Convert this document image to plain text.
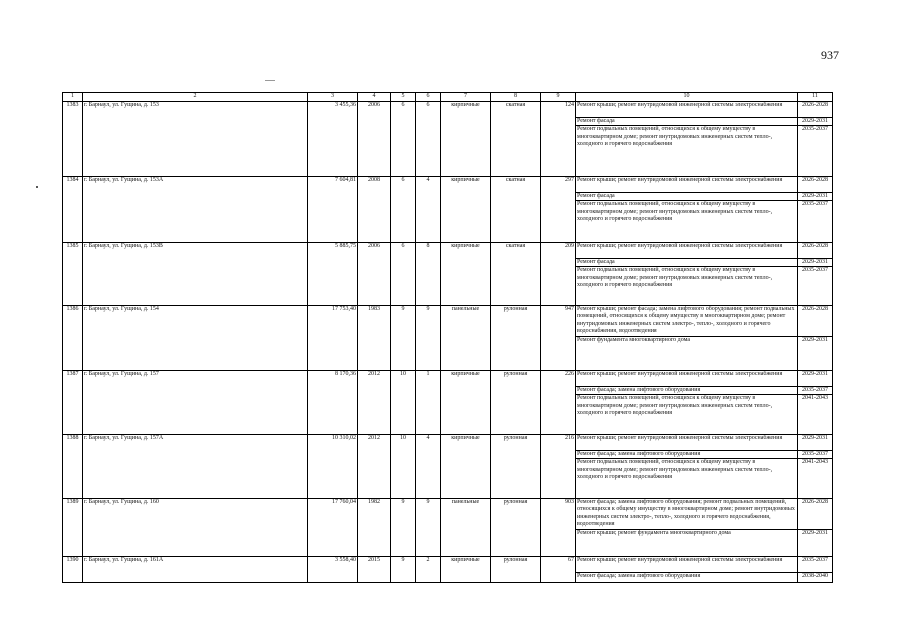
937
1	2	3	4	5	6	7	8	9	10	11
1383	г. Барнаул, ул. Гущина, д. 153	3 455,36	2006	6	6	кирпичные	скатная	124	Ремонт крыши; ремонт внутридомовой инженерной системы электроснабжения	2026-2028
									Ремонт фасада	2029-2031
									Ремонт подвальных помещений, относящихся к общему имуществу в многоквартирном доме; ремонт внутридомовых инженерных систем тепло-, холодного и горячего водоснабжения	2035-2037
1384	г. Барнаул, ул. Гущина, д. 153А	7 604,81	2008	6	4	кирпичные	скатная	297	Ремонт крыши; ремонт внутридомовой инженерной системы электроснабжения	2026-2028
									Ремонт фасада	2029-2031
									Ремонт подвальных помещений, относящихся к общему имуществу в многоквартирном доме; ремонт внутридомовых инженерных систем тепло-, холодного и горячего водоснабжения	2035-2037
1385	г. Барнаул, ул. Гущина, д. 153В	5 885,75	2006	6	8	кирпичные	скатная	209	Ремонт крыши; ремонт внутридомовой инженерной системы электроснабжения	2026-2028
									Ремонт фасада	2029-2031
									Ремонт подвальных помещений, относящихся к общему имуществу в многоквартирном доме; ремонт внутридомовых инженерных систем тепло-, холодного и горячего водоснабжения	2035-2037
1386	г. Барнаул, ул. Гущина, д. 154	17 753,40	1983	9	9	панельные	рулонная	947	Ремонт крыши; ремонт фасада; замена лифтового оборудования; ремонт подвальных помещений, относящихся к общему имуществу в многоквартирном доме; ремонт внутридомовых инженерных систем электро-, тепло-, холодного и горячего водоснабжения, водоотведения	2026-2028
									Ремонт фундамента многоквартирного дома	2029-2031
1387	г. Барнаул, ул. Гущина, д. 157	8 170,36	2012	10	1	кирпичные	рулонная	226	Ремонт крыши; ремонт внутридомовой инженерной системы электроснабжения	2029-2031
									Ремонт фасада; замена лифтового оборудования	2035-2037
									Ремонт подвальных помещений, относящихся к общему имуществу в многоквартирном доме; ремонт внутридомовых инженерных систем тепло-, холодного и горячего водоснабжения	2041-2043
1388	г. Барнаул, ул. Гущина, д. 157А	10 310,02	2012	10	4	кирпичные	рулонная	216	Ремонт крыши; ремонт внутридомовой инженерной системы электроснабжения	2029-2031
									Ремонт фасада; замена лифтового оборудования	2035-2037
									Ремонт подвальных помещений, относящихся к общему имуществу в многоквартирном доме; ремонт внутридомовых инженерных систем тепло-, холодного и горячего водоснабжения	2041-2043
1389	г. Барнаул, ул. Гущина, д. 160	17 760,04	1982	9	9	панельные	рулонная	903	Ремонт фасада; замена лифтового оборудования; ремонт подвальных помещений, относящихся к общему имуществу в многоквартирном доме; ремонт внутридомовых инженерных систем электро-, тепло-, холодного и горячего водоснабжения, водоотведения	2026-2028
									Ремонт крыши; ремонт фундамента многоквартирного дома	2029-2031
1390	г. Барнаул, ул. Гущина, д. 161А	3 558,40	2015	9	2	кирпичные	рулонная	67	Ремонт крыши; ремонт внутридомовой инженерной системы электроснабжения	2035-2037
									Ремонт фасада; замена лифтового оборудования	2038-2040
